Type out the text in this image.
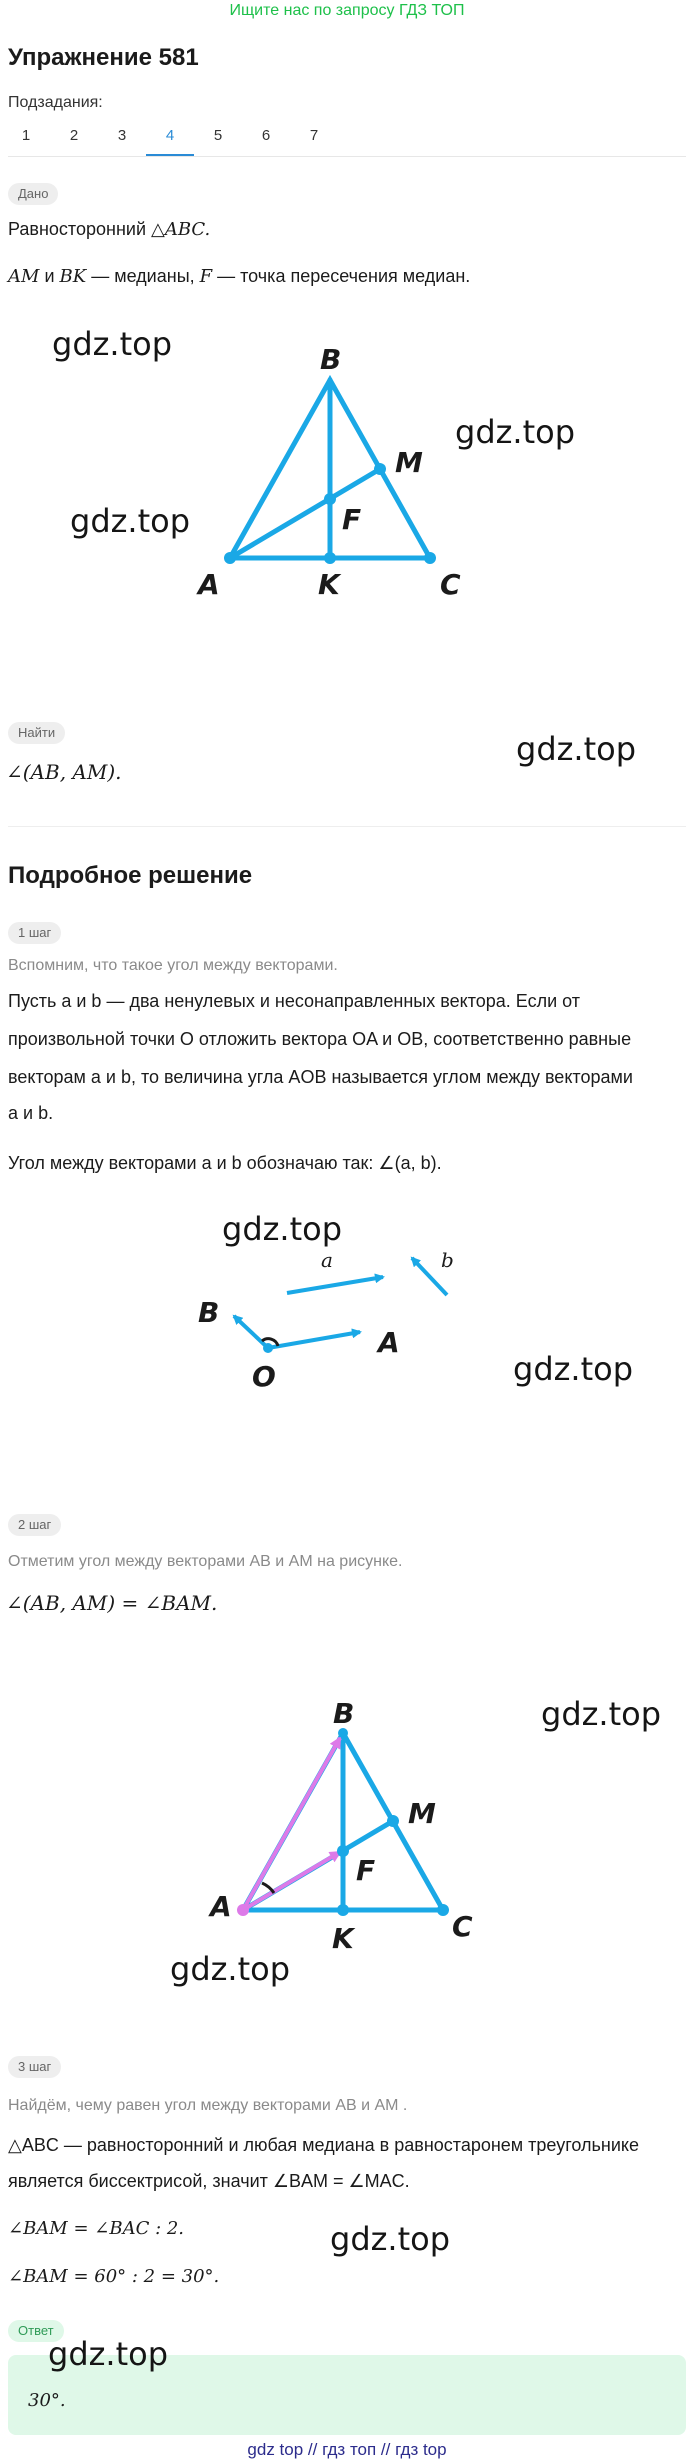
Ищите нас по запросу ГДЗ ТОП
Упражнение 581
Подзадания:
1	2	3	4	5	6	7
Дано
Равносторонний △ABC.
AM и BK — медианы, F — точка пересечения медиан.
B
M
F
A	K	C
gdz.top
gdz.top
gdz.top
Найти	gdz.top
∠(AB, AM).
Подробное решение
1 шаг
Вспомним, что такое угол между векторами.
Пусть a и b — два ненулевых и несонаправленных вектора. Если от
произвольной точки O отложить вектора OA и OB, соответственно равные
векторам a и b, то величина угла AOB называется углом между векторами
a и b.
Угол между векторами a и b обозначаю так: ∠(a, b).
gdz.top
a	b
B
O
A
gdz.top
2 шаг
Отметим угол между векторами AB и AM на рисунке.
∠(AB, AM) = ∠BAM.
B
M
F
A
K	C
gdz.top
gdz.top
3 шаг
Найдём, чему равен угол между векторами AB и AM .
△ABC — равносторонний и любая медиана в равностаронем треугольнике
является биссектрисой, значит ∠BAM = ∠MAC.
∠BAM = ∠BAC : 2.	gdz.top
∠BAM = 60° : 2 = 30°.
Ответ
gdz.top
30°.
gdz top // гдз топ // гдз top
